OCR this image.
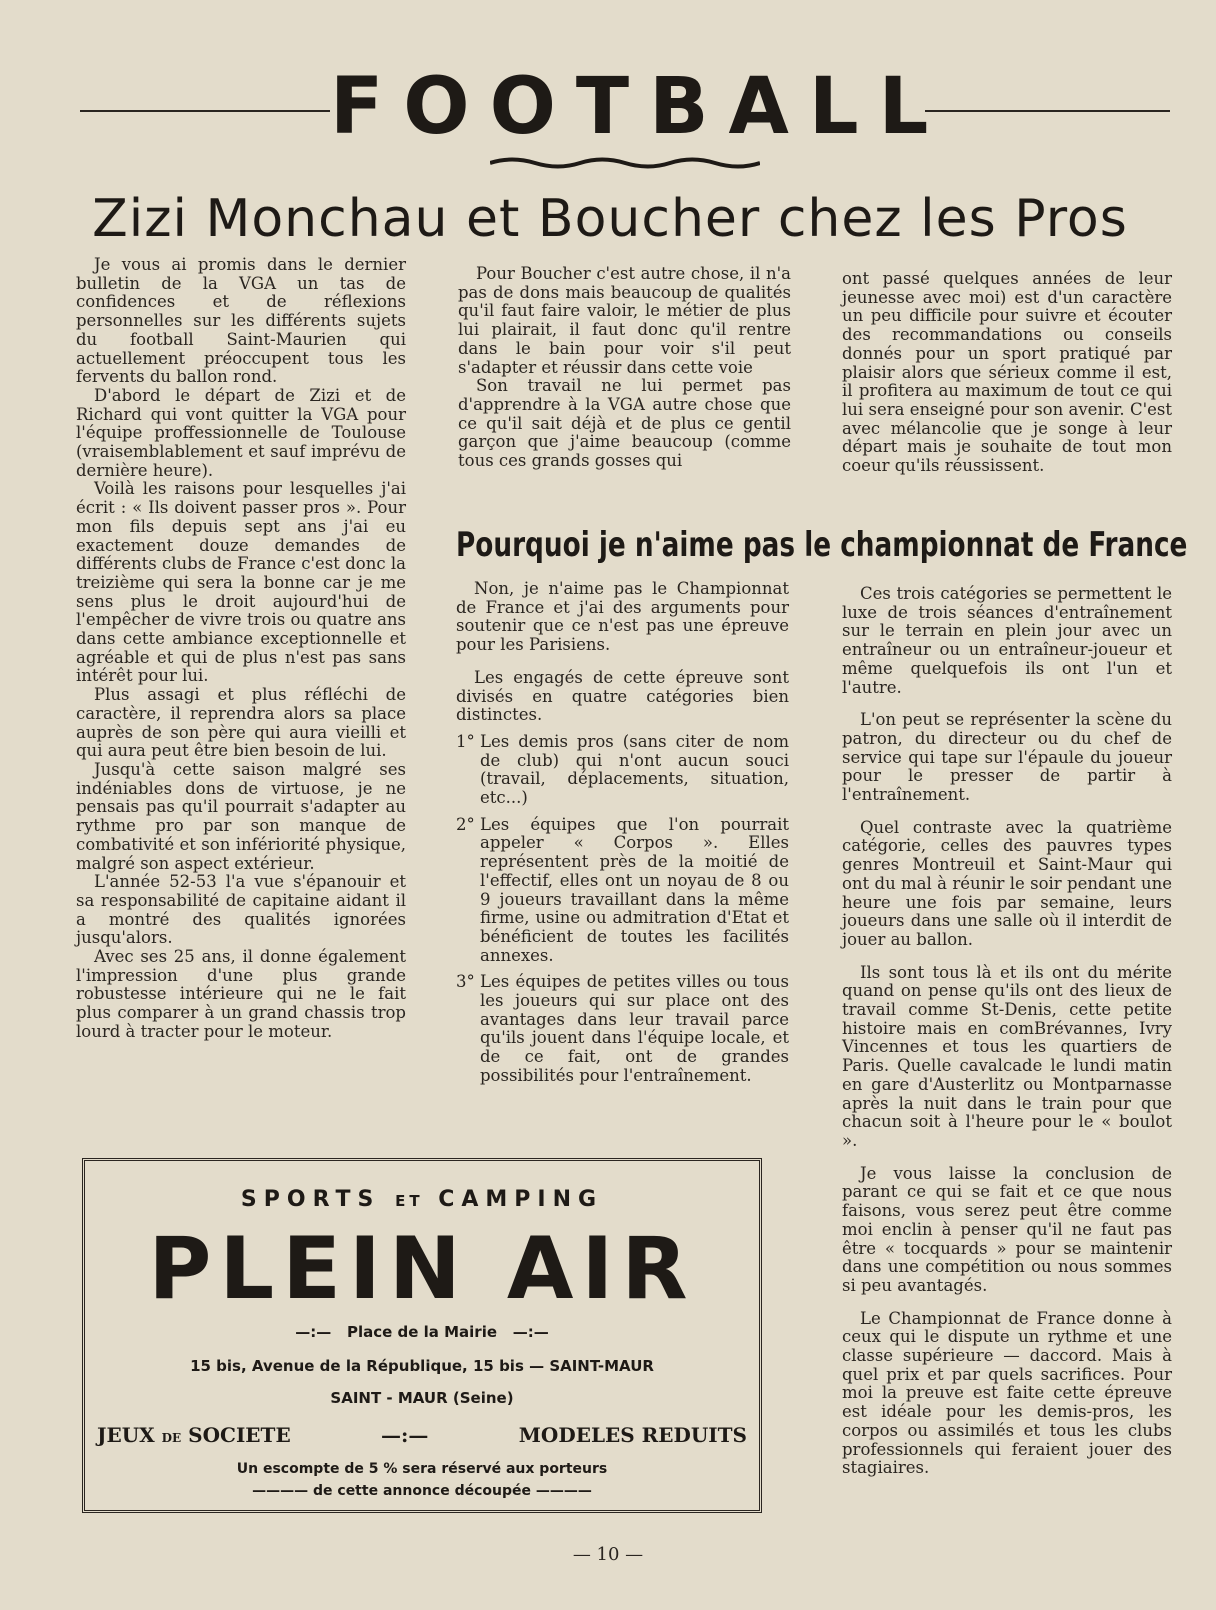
FOOTBALL
Zizi Monchau et Boucher chez les Pros

Je vous ai promis dans le dernier bulletin de la VGA un tas de confidences et de réflexions personnelles sur les différents sujets du football Saint-Maurien qui actuellement préoccupent tous les fervents du ballon rond.

D'abord le départ de Zizi et de Richard qui vont quitter la VGA pour l'équipe proffessionnelle de Toulouse (vraisemblablement et sauf imprévu de dernière heure).

Voilà les raisons pour lesquelles j'ai écrit : « Ils doivent passer pros ». Pour mon fils depuis sept ans j'ai eu exactement douze demandes de différents clubs de France c'est donc la treizième qui sera la bonne car je me sens plus le droit aujourd'hui de l'empêcher de vivre trois ou quatre ans dans cette ambiance exceptionnelle et agréable et qui de plus n'est pas sans intérêt pour lui.

Plus assagi et plus réfléchi de caractère, il reprendra alors sa place auprès de son père qui aura vieilli et qui aura peut être bien besoin de lui.

Jusqu'à cette saison malgré ses indéniables dons de virtuose, je ne pensais pas qu'il pourrait s'adapter au rythme pro par son manque de combativité et son infériorité physique, malgré son aspect extérieur.

L'année 52-53 l'a vue s'épanouir et sa responsabilité de capitaine aidant il a montré des qualités ignorées jusqu'alors.

Avec ses 25 ans, il donne également l'impression d'une plus grande robustesse intérieure qui ne le fait plus comparer à un grand chassis trop lourd à tracter pour le moteur.

Pour Boucher c'est autre chose, il n'a pas de dons mais beaucoup de qualités qu'il faut faire valoir, le métier de plus lui plairait, il faut donc qu'il rentre dans le bain pour voir s'il peut s'adapter et réussir dans cette voie

Son travail ne lui permet pas d'apprendre à la VGA autre chose que ce qu'il sait déjà et de plus ce gentil garçon que j'aime beaucoup (comme tous ces grands gosses qui

ont passé quelques années de leur jeunesse avec moi) est d'un caractère un peu difficile pour suivre et écouter des recommandations ou conseils donnés pour un sport pratiqué par plaisir alors que sérieux comme il est, il profitera au maximum de tout ce qui lui sera enseigné pour son avenir. C'est avec mélancolie que je songe à leur départ mais je souhaite de tout mon coeur qu'ils réussissent.

Pourquoi je n'aime pas le championnat de France

Non, je n'aime pas le Championnat de France et j'ai des arguments pour soutenir que ce n'est pas une épreuve pour les Parisiens.

Les engagés de cette épreuve sont divisés en quatre catégories bien distinctes.

1° Les demis pros (sans citer de nom de club) qui n'ont aucun souci (travail, déplacements, situation, etc...)
2° Les équipes que l'on pourrait appeler « Corpos ». Elles représentent près de la moitié de l'effectif, elles ont un noyau de 8 ou 9 joueurs travaillant dans la même firme, usine ou admitration d'Etat et bénéficient de toutes les facilités annexes.
3° Les équipes de petites villes ou tous les joueurs qui sur place ont des avantages dans leur travail parce qu'ils jouent dans l'équipe locale, et de ce fait, ont de grandes possibilités pour l'entraînement.

Ces trois catégories se permettent le luxe de trois séances d'entraînement sur le terrain en plein jour avec un entraîneur ou un entraîneur-joueur et même quelquefois ils ont l'un et l'autre.

L'on peut se représenter la scène du patron, du directeur ou du chef de service qui tape sur l'épaule du joueur pour le presser de partir à l'entraînement.

Quel contraste avec la quatrième catégorie, celles des pauvres types genres Montreuil et Saint-Maur qui ont du mal à réunir le soir pendant une heure une fois par semaine, leurs joueurs dans une salle où il interdit de jouer au ballon.

Ils sont tous là et ils ont du mérite quand on pense qu'ils ont des lieux de travail comme St-Denis, cette petite histoire mais en comBrévannes, Ivry Vincennes et tous les quartiers de Paris. Quelle cavalcade le lundi matin en gare d'Austerlitz ou Montparnasse après la nuit dans le train pour que chacun soit à l'heure pour le « boulot ».

Je vous laisse la conclusion de parant ce qui se fait et ce que nous faisons, vous serez peut être comme moi enclin à penser qu'il ne faut pas être « tocquards » pour se maintenir dans une compétition ou nous sommes si peu avantagés.

Le Championnat de France donne à ceux qui le dispute un rythme et une classe supérieure — daccord. Mais à quel prix et par quels sacrifices. Pour moi la preuve est faite cette épreuve est idéale pour les demis-pros, les corpos ou assimilés et tous les clubs professionnels qui feraient jouer des stagiaires.

SPORTS ET CAMPING
PLEIN AIR
—:—   Place de la Mairie   —:—
15 bis, Avenue de la République, 15 bis — SAINT-MAUR
SAINT - MAUR (Seine)
JEUX DE SOCIETE	—:—	MODELES REDUITS
Un escompte de 5 % sera réservé aux porteurs
———— de cette annonce découpée ————
— 10 —
